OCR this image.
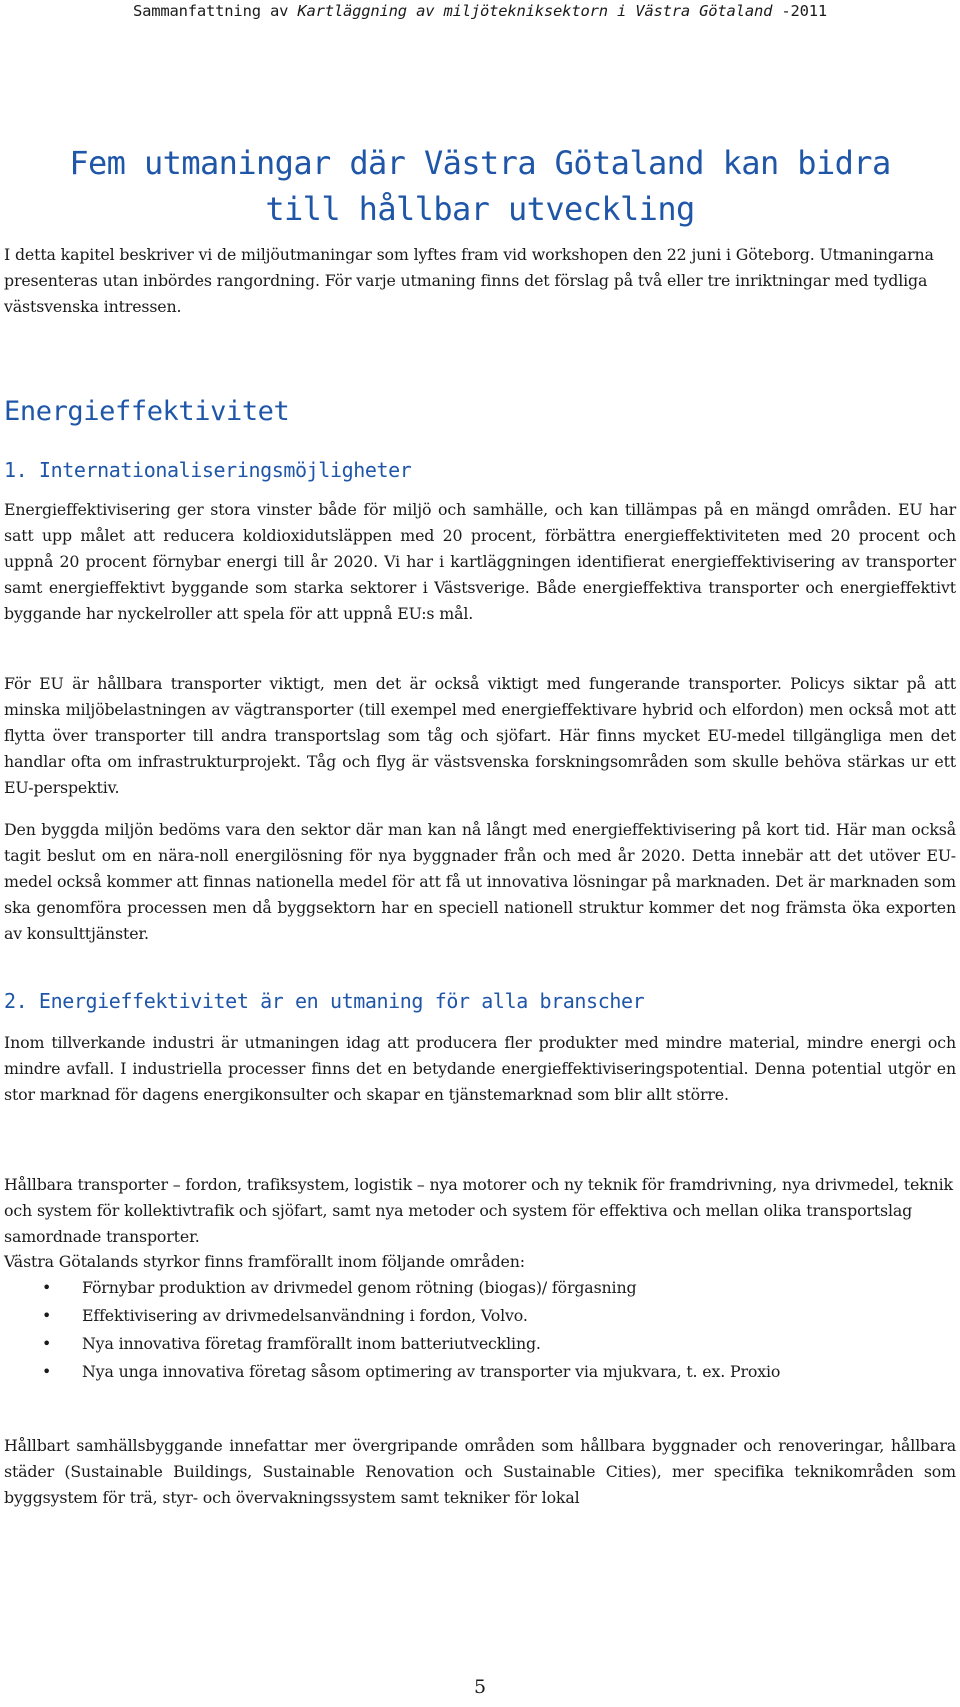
Sammanfattning av Kartläggning av miljötekniksektorn i Västra Götaland -2011
Fem utmaningar där Västra Götaland kan bidra till hållbar utveckling

I detta kapitel beskriver vi de miljöutmaningar som lyftes fram vid workshopen den 22 juni i Göteborg. Utmaningarna presenteras utan inbördes rangordning. För varje utmaning finns det förslag på två eller tre inriktningar med tydliga västsvenska intressen.

Energieffektivitet
1. Internationaliseringsmöjligheter

Energieffektivisering ger stora vinster både för miljö och samhälle, och kan tillämpas på en mängd områden. EU har satt upp målet att reducera koldioxidutsläppen med 20 procent, förbättra energieffektiviteten med 20 procent och uppnå 20 procent förnybar energi till år 2020. Vi har i kartläggningen identifierat energieffektivisering av transporter samt energieffektivt byggande som starka sektorer i Västsverige. Både energieffektiva transporter och energieffektivt byggande har nyckelroller att spela för att uppnå EU:s mål.

För EU är hållbara transporter viktigt, men det är också viktigt med fungerande transporter. Policys siktar på att minska miljöbelastningen av vägtransporter (till exempel med energieffektivare hybrid och elfordon) men också mot att flytta över transporter till andra transportslag som tåg och sjöfart. Här finns mycket EU-medel tillgängliga men det handlar ofta om infrastrukturprojekt. Tåg och flyg är västsvenska forskningsområden som skulle behöva stärkas ur ett EU-perspektiv.

Den byggda miljön bedöms vara den sektor där man kan nå långt med energieffektivisering på kort tid. Här man också tagit beslut om en nära-noll energilösning för nya byggnader från och med år 2020. Detta innebär att det utöver EU-medel också kommer att finnas nationella medel för att få ut innovativa lösningar på marknaden. Det är marknaden som ska genomföra processen men då byggsektorn har en speciell nationell struktur kommer det nog främsta öka exporten av konsulttjänster.

2. Energieffektivitet är en utmaning för alla branscher

Inom tillverkande industri är utmaningen idag att producera fler produkter med mindre material, mindre energi och mindre avfall. I industriella processer finns det en betydande energieffektiviseringspotential. Denna potential utgör en stor marknad för dagens energikonsulter och skapar en tjänstemarknad som blir allt större.

Hållbara transporter – fordon, trafiksystem, logistik – nya motorer och ny teknik för framdrivning, nya drivmedel, teknik och system för kollektivtrafik och sjöfart, samt nya metoder och system för effektiva och mellan olika transportslag samordnade transporter.

Västra Götalands styrkor finns framförallt inom följande områden:

• Förnybar produktion av drivmedel genom rötning (biogas)/ förgasning
• Effektivisering av drivmedelsanvändning i fordon, Volvo.
• Nya innovativa företag framförallt inom batteriutveckling.
• Nya unga innovativa företag såsom optimering av transporter via mjukvara, t. ex. Proxio

Hållbart samhällsbyggande innefattar mer övergripande områden som hållbara byggnader och renoveringar, hållbara städer (Sustainable Buildings, Sustainable Renovation och Sustainable Cities), mer specifika teknikområden som byggsystem för trä, styr- och övervakningssystem samt tekniker för lokal

5
